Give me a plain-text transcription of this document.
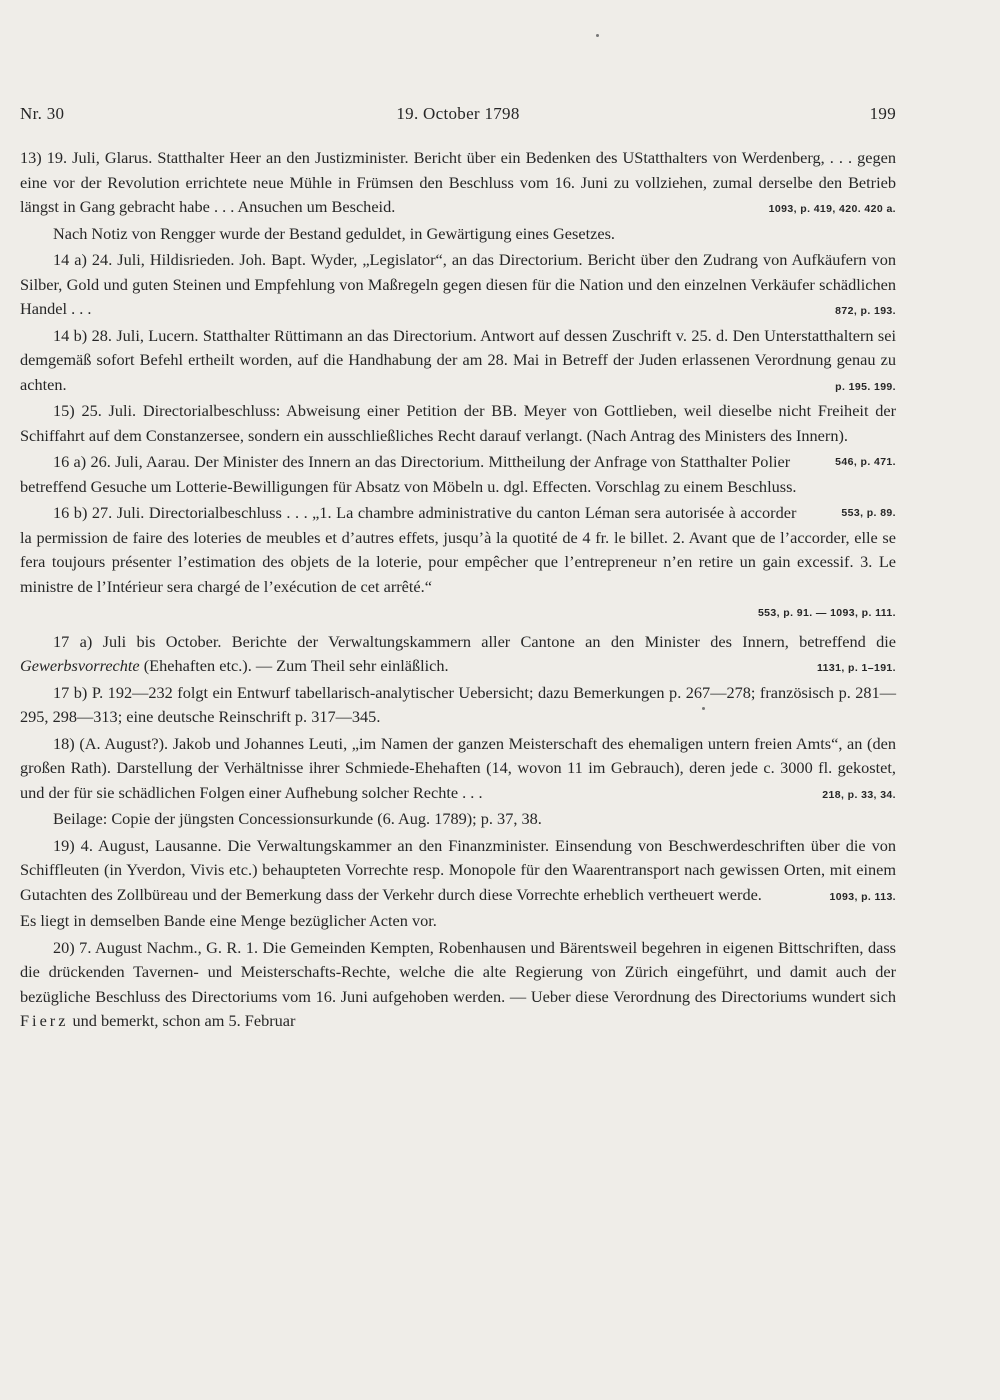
Nr. 30	19. October 1798	199

13) 19. Juli, Glarus. Statthalter Heer an den Justizminister. Bericht über ein Bedenken des UStatthalters von Werdenberg, . . . gegen eine vor der Revolution errichtete neue Mühle in Frümsen den Beschluss vom 16. Juni zu vollziehen, zumal derselbe den Betrieb längst in Gang gebracht habe . . . Ansuchen um Bescheid.	1093, p. 419, 420. 420 a.

Nach Notiz von Rengger wurde der Bestand geduldet, in Gewärtigung eines Gesetzes.

14 a) 24. Juli, Hildisrieden. Joh. Bapt. Wyder, „Legislator“, an das Directorium. Bericht über den Zudrang von Aufkäufern von Silber, Gold und guten Steinen und Empfehlung von Maßregeln gegen diesen für die Nation und den einzelnen Verkäufer schädlichen Handel . . .	872, p. 193.

14 b) 28. Juli, Lucern. Statthalter Rüttimann an das Directorium. Antwort auf dessen Zuschrift v. 25. d. Den Unterstatthaltern sei demgemäß sofort Befehl ertheilt worden, auf die Handhabung der am 28. Mai in Betreff der Juden erlassenen Verordnung genau zu achten.	p. 195. 199.

15) 25. Juli. Directorialbeschluss: Abweisung einer Petition der BB. Meyer von Gottlieben, weil dieselbe nicht Freiheit der Schiffahrt auf dem Constanzersee, sondern ein ausschließliches Recht darauf verlangt. (Nach Antrag des Ministers des Innern).
546, p. 471.

16 a) 26. Juli, Aarau. Der Minister des Innern an das Directorium. Mittheilung der Anfrage von Statthalter Polier betreffend Gesuche um Lotterie-Bewilligungen für Absatz von Möbeln u. dgl. Effecten. Vorschlag zu einem Beschluss.
553, p. 89.

16 b) 27. Juli. Directorialbeschluss . . . „1. La chambre administrative du canton Léman sera autorisée à accorder la permission de faire des loteries de meubles et d’autres effets, jusqu’à la quotité de 4 fr. le billet. 2. Avant que de l’accorder, elle se fera toujours présenter l’estimation des objets de la loterie, pour empêcher que l’entrepreneur n’en retire un gain excessif. 3. Le ministre de l’Intérieur sera chargé de l’exécution de cet arrêté.“

553, p. 91. — 1093, p. 111.

17 a) Juli bis October. Berichte der Verwaltungskammern aller Cantone an den Minister des Innern, betreffend die Gewerbsvorrechte (Ehehaften etc.). — Zum Theil sehr einläßlich.	1131, p. 1–191.

17 b) P. 192—232 folgt ein Entwurf tabellarisch-analytischer Uebersicht; dazu Bemerkungen p. 267—278; französisch p. 281—295, 298—313; eine deutsche Reinschrift p. 317—345.

18) (A. August?). Jakob und Johannes Leuti, „im Namen der ganzen Meisterschaft des ehemaligen untern freien Amts“, an (den großen Rath). Darstellung der Verhältnisse ihrer Schmiede-Ehehaften (14, wovon 11 im Gebrauch), deren jede c. 3000 fl. gekostet, und der für sie schädlichen Folgen einer Aufhebung solcher Rechte . . .	218, p. 33, 34.

Beilage: Copie der jüngsten Concessionsurkunde (6. Aug. 1789); p. 37, 38.

19) 4. August, Lausanne. Die Verwaltungskammer an den Finanzminister. Einsendung von Beschwerdeschriften über die von Schiffleuten (in Yverdon, Vivis etc.) behaupteten Vorrechte resp. Monopole für den Waarentransport nach gewissen Orten, mit einem Gutachten des Zollbüreau und der Bemerkung dass der Verkehr durch diese Vorrechte erheblich vertheuert werde.	1093, p. 113.

Es liegt in demselben Bande eine Menge bezüglicher Acten vor.

20) 7. August Nachm., G. R. 1. Die Gemeinden Kempten, Robenhausen und Bärentsweil begehren in eigenen Bittschriften, dass die drückenden Tavernen- und Meisterschafts-Rechte, welche die alte Regierung von Zürich eingeführt, und damit auch der bezügliche Beschluss des Directoriums vom 16. Juni aufgehoben werden. — Ueber diese Verordnung des Directoriums wundert sich Fierz und bemerkt, schon am 5. Februar
